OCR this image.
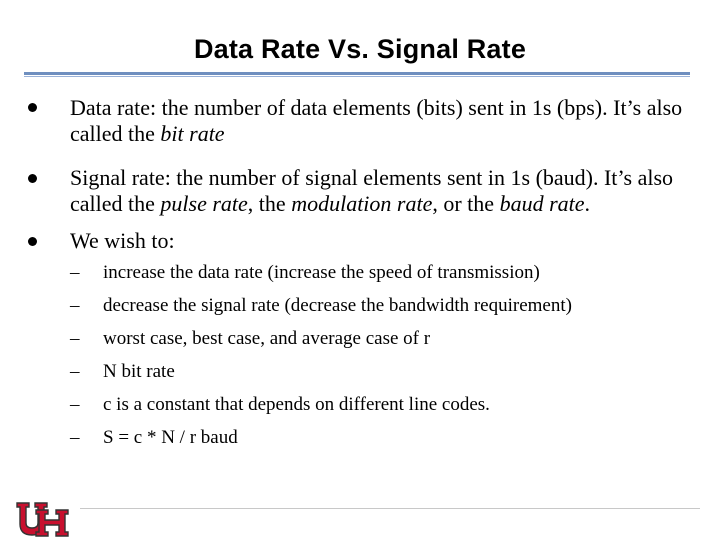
Data Rate Vs. Signal Rate
Data rate: the number of data elements (bits) sent in 1s (bps). It’s also called the bit rate
Signal rate: the number of signal elements sent in 1s (baud). It’s also called the pulse rate, the modulation rate, or the baud rate.
We wish to:
– increase the data rate (increase the speed of transmission)
– decrease the signal rate (decrease the bandwidth requirement)
– worst case, best case, and average case of r
– N bit rate
– c is a constant that depends on different line codes.
– S = c * N / r baud
